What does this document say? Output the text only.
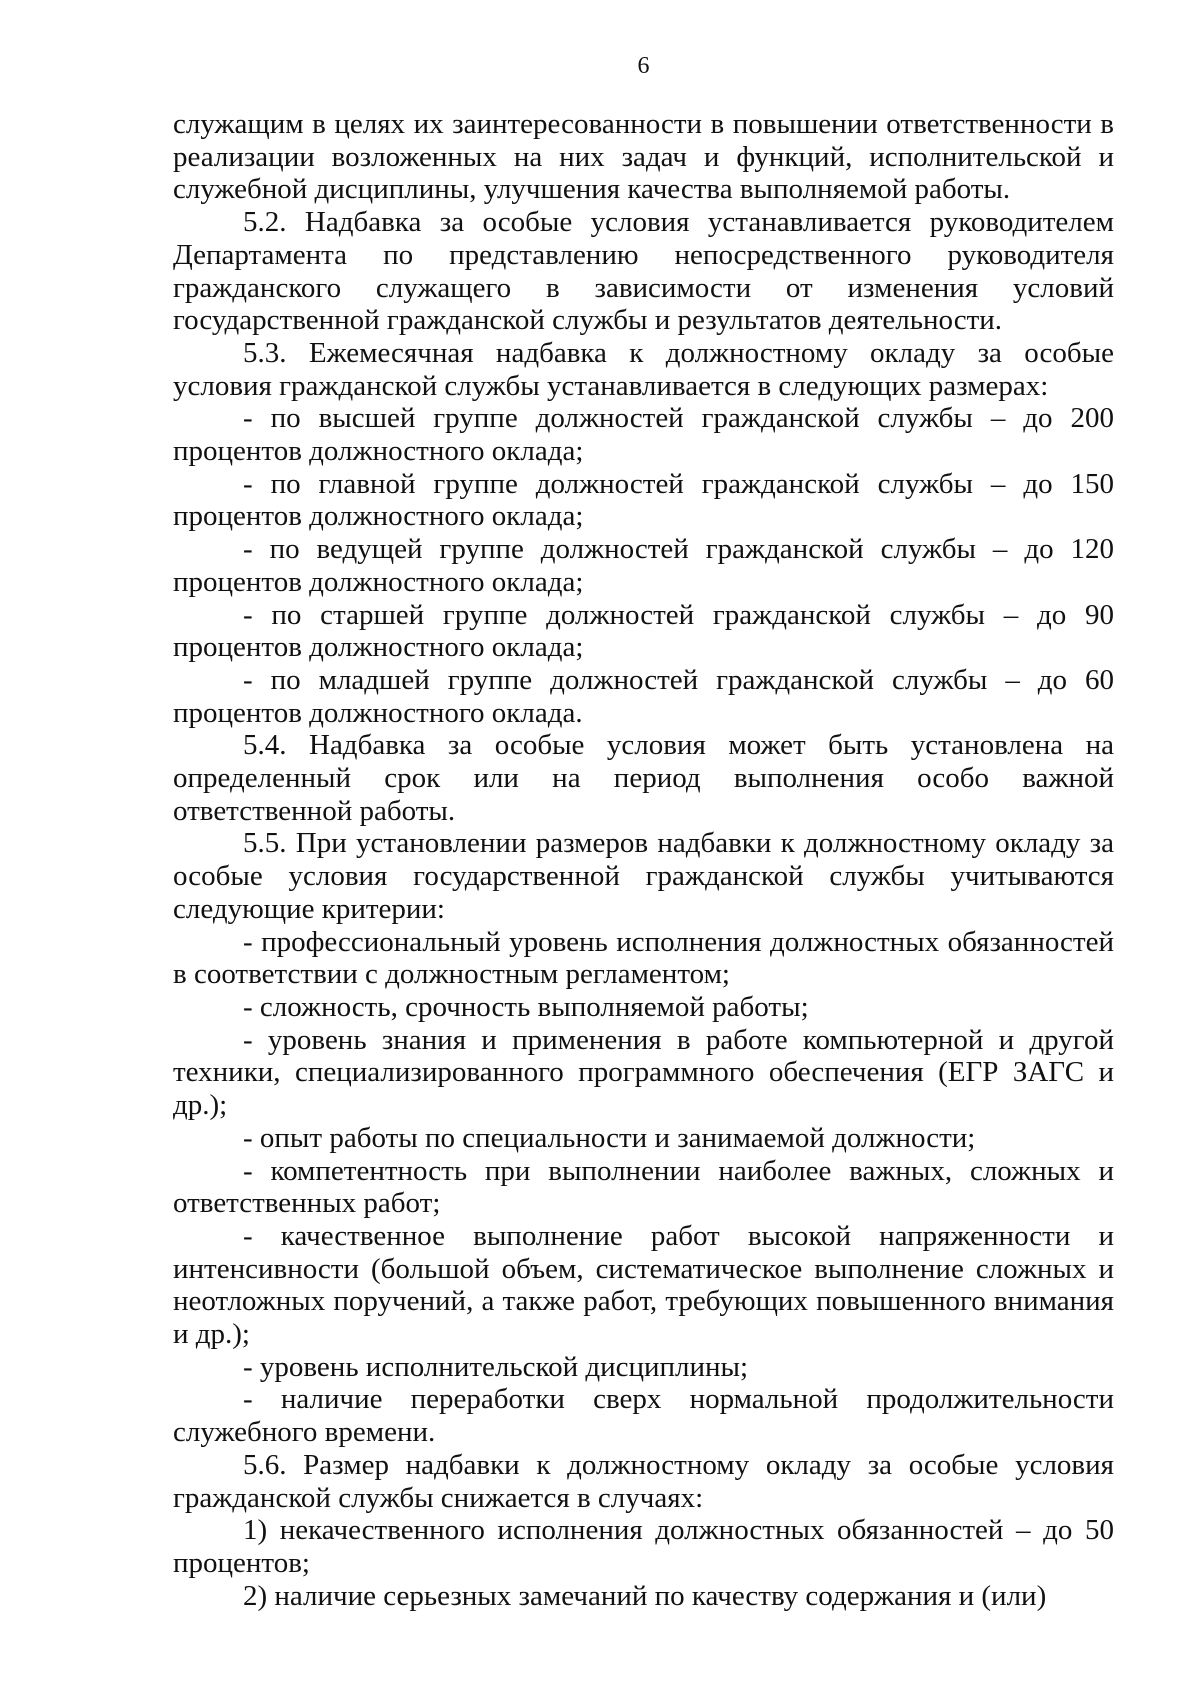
6

служащим в целях их заинтересованности в повышении ответственности в реализации возложенных на них задач и функций, исполнительской и служебной дисциплины, улучшения качества выполняемой работы.

5.2. Надбавка за особые условия устанавливается руководителем Департамента по представлению непосредственного руководителя гражданского служащего в зависимости от изменения условий государственной гражданской службы и результатов деятельности.

5.3. Ежемесячная надбавка к должностному окладу за особые условия гражданской службы устанавливается в следующих размерах:

- по высшей группе должностей гражданской службы – до 200 процентов должностного оклада;

- по главной группе должностей гражданской службы – до 150 процентов должностного оклада;

- по ведущей группе должностей гражданской службы – до 120 процентов должностного оклада;

- по старшей группе должностей гражданской службы – до 90 процентов должностного оклада;

- по младшей группе должностей гражданской службы – до 60 процентов должностного оклада.

5.4. Надбавка за особые условия может быть установлена на определенный срок или на период выполнения особо важной ответственной работы.

5.5. При установлении размеров надбавки к должностному окладу за особые условия государственной гражданской службы учитываются следующие критерии:

- профессиональный уровень исполнения должностных обязанностей в соответствии с должностным регламентом;

- сложность, срочность выполняемой работы;

- уровень знания и применения в работе компьютерной и другой техники, специализированного программного обеспечения (ЕГР ЗАГС и др.);

- опыт работы по специальности и занимаемой должности;

- компетентность при выполнении наиболее важных, сложных и ответственных работ;

- качественное выполнение работ высокой напряженности и интенсивности (большой объем, систематическое выполнение сложных и неотложных поручений, а также работ, требующих повышенного внимания и др.);

- уровень исполнительской дисциплины;

- наличие переработки сверх нормальной продолжительности служебного времени.

5.6. Размер надбавки к должностному окладу за особые условия гражданской службы снижается в случаях:

1) некачественного исполнения должностных обязанностей – до 50 процентов;

2) наличие серьезных замечаний по качеству содержания и (или)
